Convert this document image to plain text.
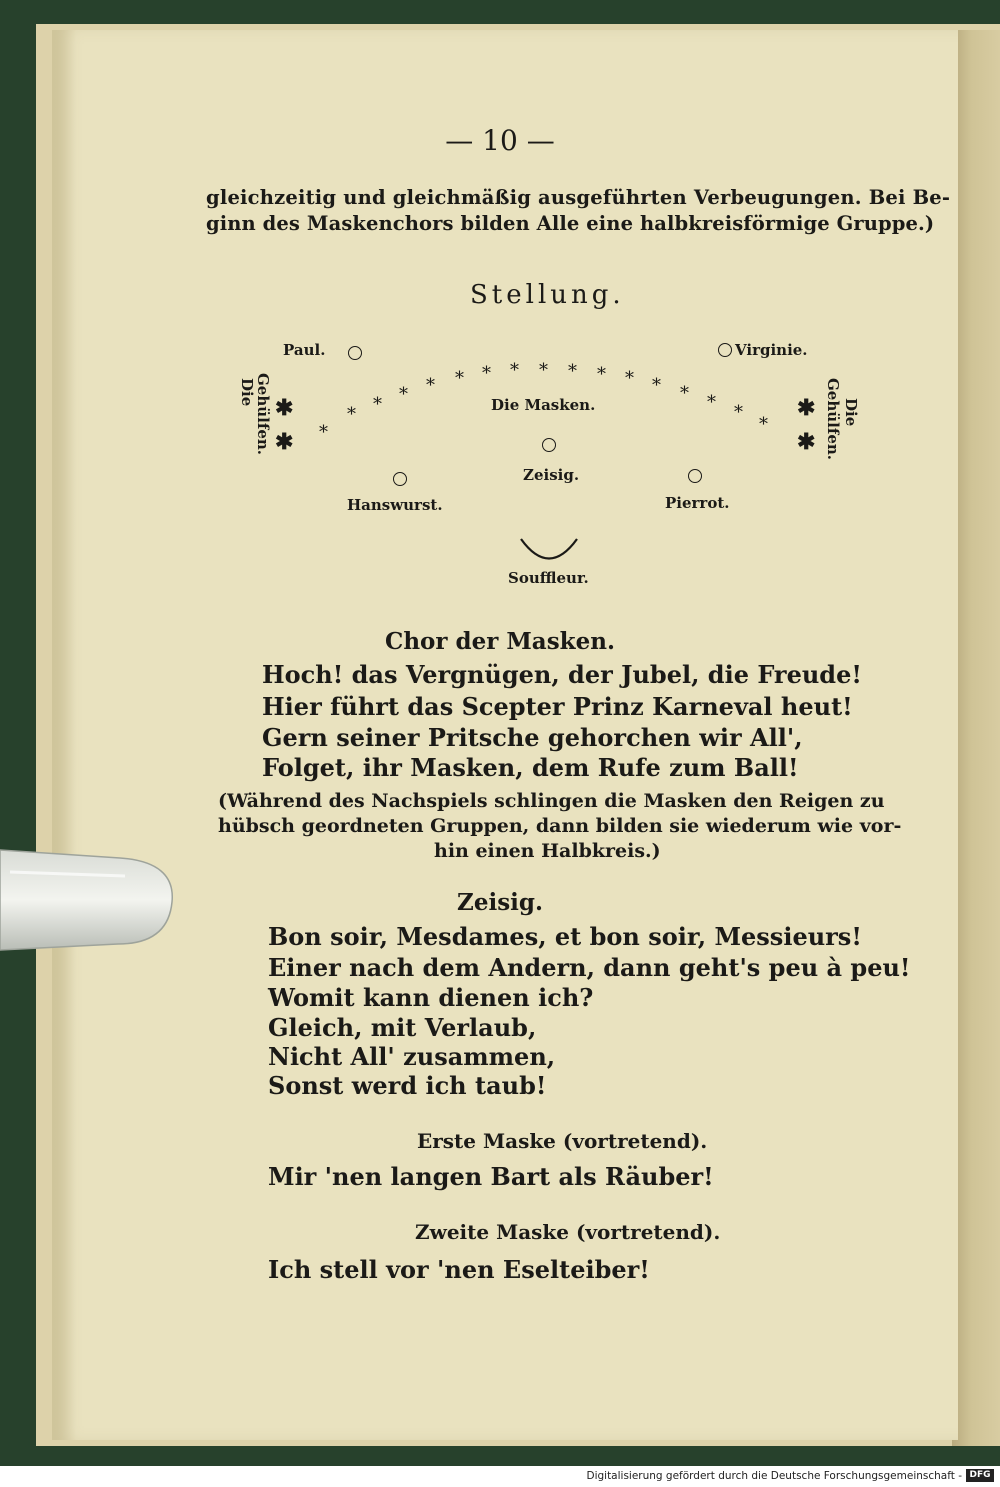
— 10 —

gleichzeitig und gleichmäßig ausgeführten Verbeugungen. Bei Be-

ginn des Maskenchors bilden Alle eine halbkreisförmige Gruppe.)

Stellung.

Paul.	Virginie.
*
* * * * * * * * * * * * * * *
*
Die Masken.
Die
Gehülfen. ✱
✱
✱
✱ Gehülfen. Die
Zeisig.
Hanswurst.	Pierrot.
Souffleur.

Chor der Masken.

Hoch! das Vergnügen, der Jubel, die Freude!

Hier führt das Scepter Prinz Karneval heut!

Gern seiner Pritsche gehorchen wir All',

Folget, ihr Masken, dem Rufe zum Ball!

(Während des Nachspiels schlingen die Masken den Reigen zu

hübsch geordneten Gruppen, dann bilden sie wiederum wie vor-

hin einen Halbkreis.)

Zeisig.

Bon soir, Mesdames, et bon soir, Messieurs!

Einer nach dem Andern, dann geht's peu à peu!

Womit kann dienen ich?

Gleich, mit Verlaub,

Nicht All' zusammen,

Sonst werd ich taub!

Erste Maske (vortretend).

Mir 'nen langen Bart als Räuber!

Zweite Maske (vortretend).

Ich stell vor 'nen Eselteiber!

Digitalisierung gefördert durch die Deutsche Forschungsgemeinschaft - DFG
